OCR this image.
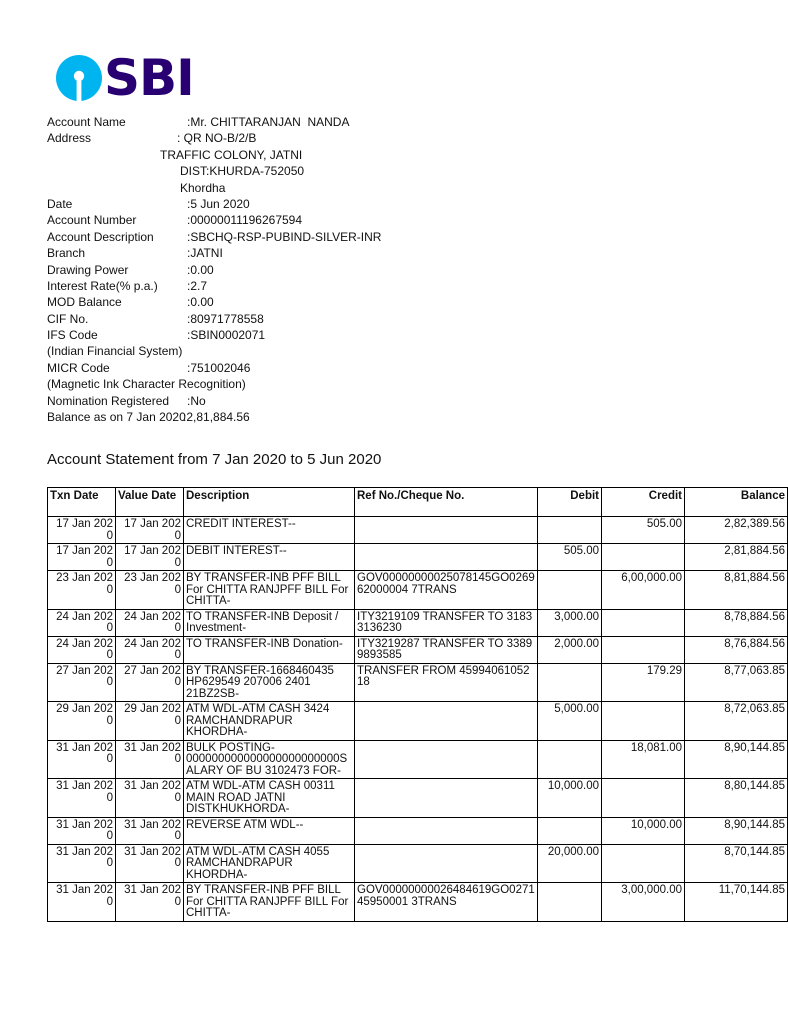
SBI
Account Name	:Mr. CHITTARANJAN  NANDA
Address	: QR NO-B/2/B
TRAFFIC COLONY, JATNI
DIST:KHURDA-752050
Khordha
Date	:5 Jun 2020
Account Number	:00000011196267594
Account Description	:SBCHQ-RSP-PUBIND-SILVER-INR
Branch	:JATNI
Drawing Power	:0.00
Interest Rate(% p.a.) :2.7
MOD Balance	:0.00
CIF No.	:80971778558
IFS Code	:SBIN0002071
(Indian Financial System)
MICR Code	:751002046
(Magnetic Ink Character Recognition)
Nomination Registered :No
Balance as on 7 Jan 2020
:2,81,884.56
Account Statement from 7 Jan 2020 to 5 Jun 2020
Txn Date	Value Date	Description	Ref No./Cheque No.	Debit	Credit	Balance
17 Jan 2020	17 Jan 2020	CREDIT INTEREST--			505.00	2,82,389.56
17 Jan 2020	17 Jan 2020	DEBIT INTEREST--		505.00		2,81,884.56
23 Jan 2020	23 Jan 2020	BY TRANSFER-INB PFF BILL For CHITTA RANJPFF BILL For CHITTA-	GOV00000000025078145GO026962000004 7TRANS		6,00,000.00	8,81,884.56
24 Jan 2020	24 Jan 2020	TO TRANSFER-INB Deposit / Investment-	ITY3219109 TRANSFER TO 31833136230	3,000.00		8,78,884.56
24 Jan 2020	24 Jan 2020	TO TRANSFER-INB Donation-	ITY3219287 TRANSFER TO 33899893585	2,000.00		8,76,884.56
27 Jan 2020	27 Jan 2020	BY TRANSFER-1668460435 HP629549 207006 2401 21BZ2SB-	TRANSFER FROM 4599406105218		179.29	8,77,063.85
29 Jan 2020	29 Jan 2020	ATM WDL-ATM CASH 3424 RAMCHANDRAPUR KHORDHA-		5,000.00		8,72,063.85
31 Jan 2020	31 Jan 2020	BULK POSTING-000000000000000000000000SALARY OF BU 3102473 FOR-			18,081.00	8,90,144.85
31 Jan 2020	31 Jan 2020	ATM WDL-ATM CASH 00311 MAIN ROAD JATNI DISTKHUKHORDA-		10,000.00		8,80,144.85
31 Jan 2020	31 Jan 2020	REVERSE ATM WDL--			10,000.00	8,90,144.85
31 Jan 2020	31 Jan 2020	ATM WDL-ATM CASH 4055 RAMCHANDRAPUR KHORDHA-		20,000.00		8,70,144.85
31 Jan 2020	31 Jan 2020	BY TRANSFER-INB PFF BILL For CHITTA RANJPFF BILL For CHITTA-	GOV00000000026484619GO027145950001 3TRANS		3,00,000.00	11,70,144.85
